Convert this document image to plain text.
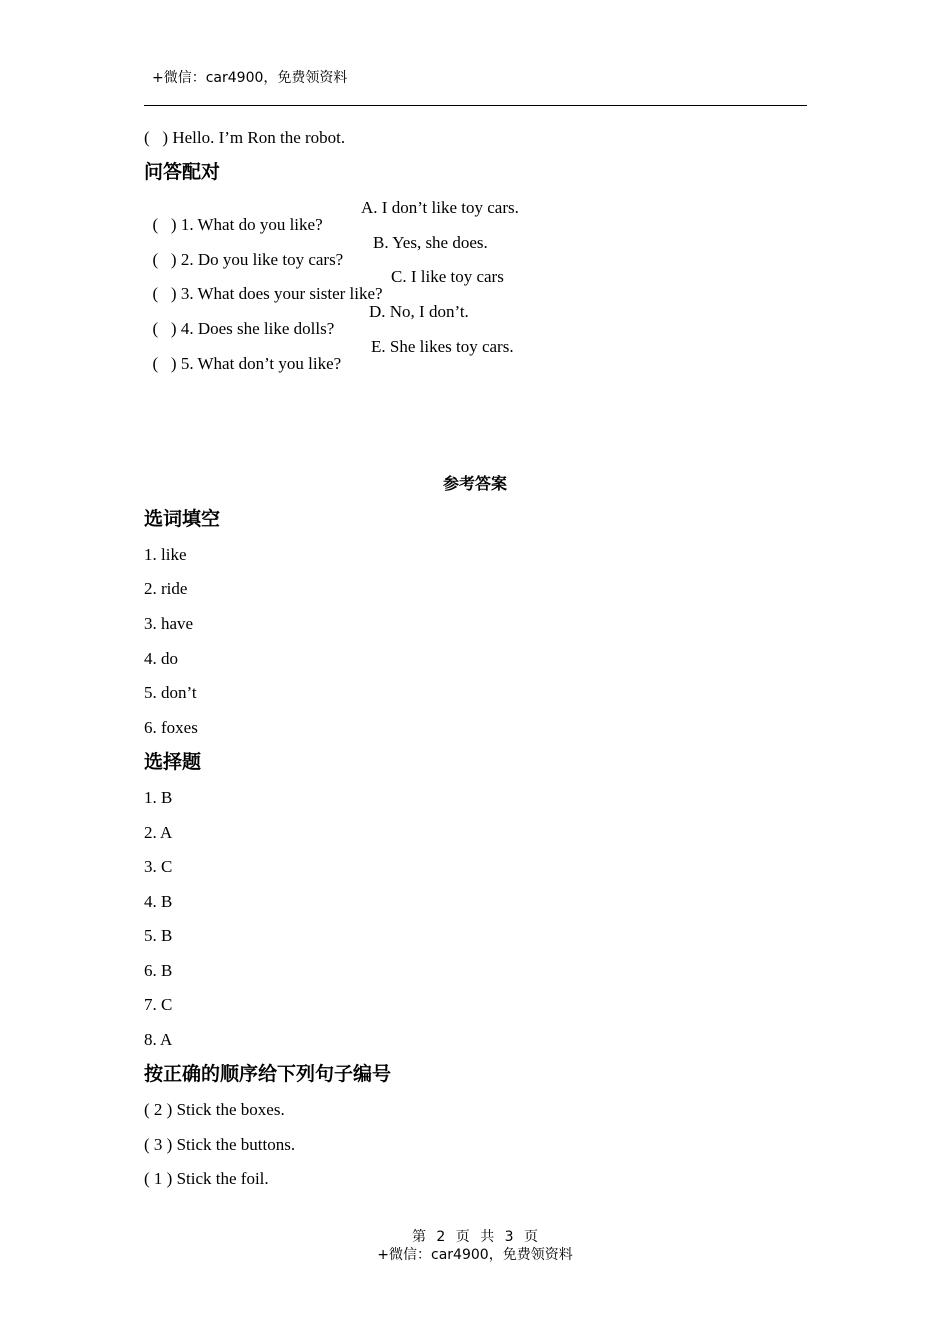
+微信：car4900，免费领资料
(   ) Hello. I’m Ron the robot.
问答配对

(   ) 1. What do you like?

A. I don’t like toy cars.

(   ) 2. Do you like toy cars?

B. Yes, she does.

(   ) 3. What does your sister like?

C. I like toy cars

(   ) 4. Does she like dolls?

D. No, I don’t.

(   ) 5. What don’t you like?

E. She likes toy cars.

参考答案
选词填空
1. like
2. ride
3. have
4. do
5. don’t
6. foxes
选择题
1. B
2. A
3. C
4. B
5. B
6. B
7. C
8. A
按正确的顺序给下列句子编号
( 2 ) Stick the boxes.
( 3 ) Stick the buttons.
( 1 ) Stick the foil.
第 2 页 共 3 页
+微信：car4900，免费领资料
